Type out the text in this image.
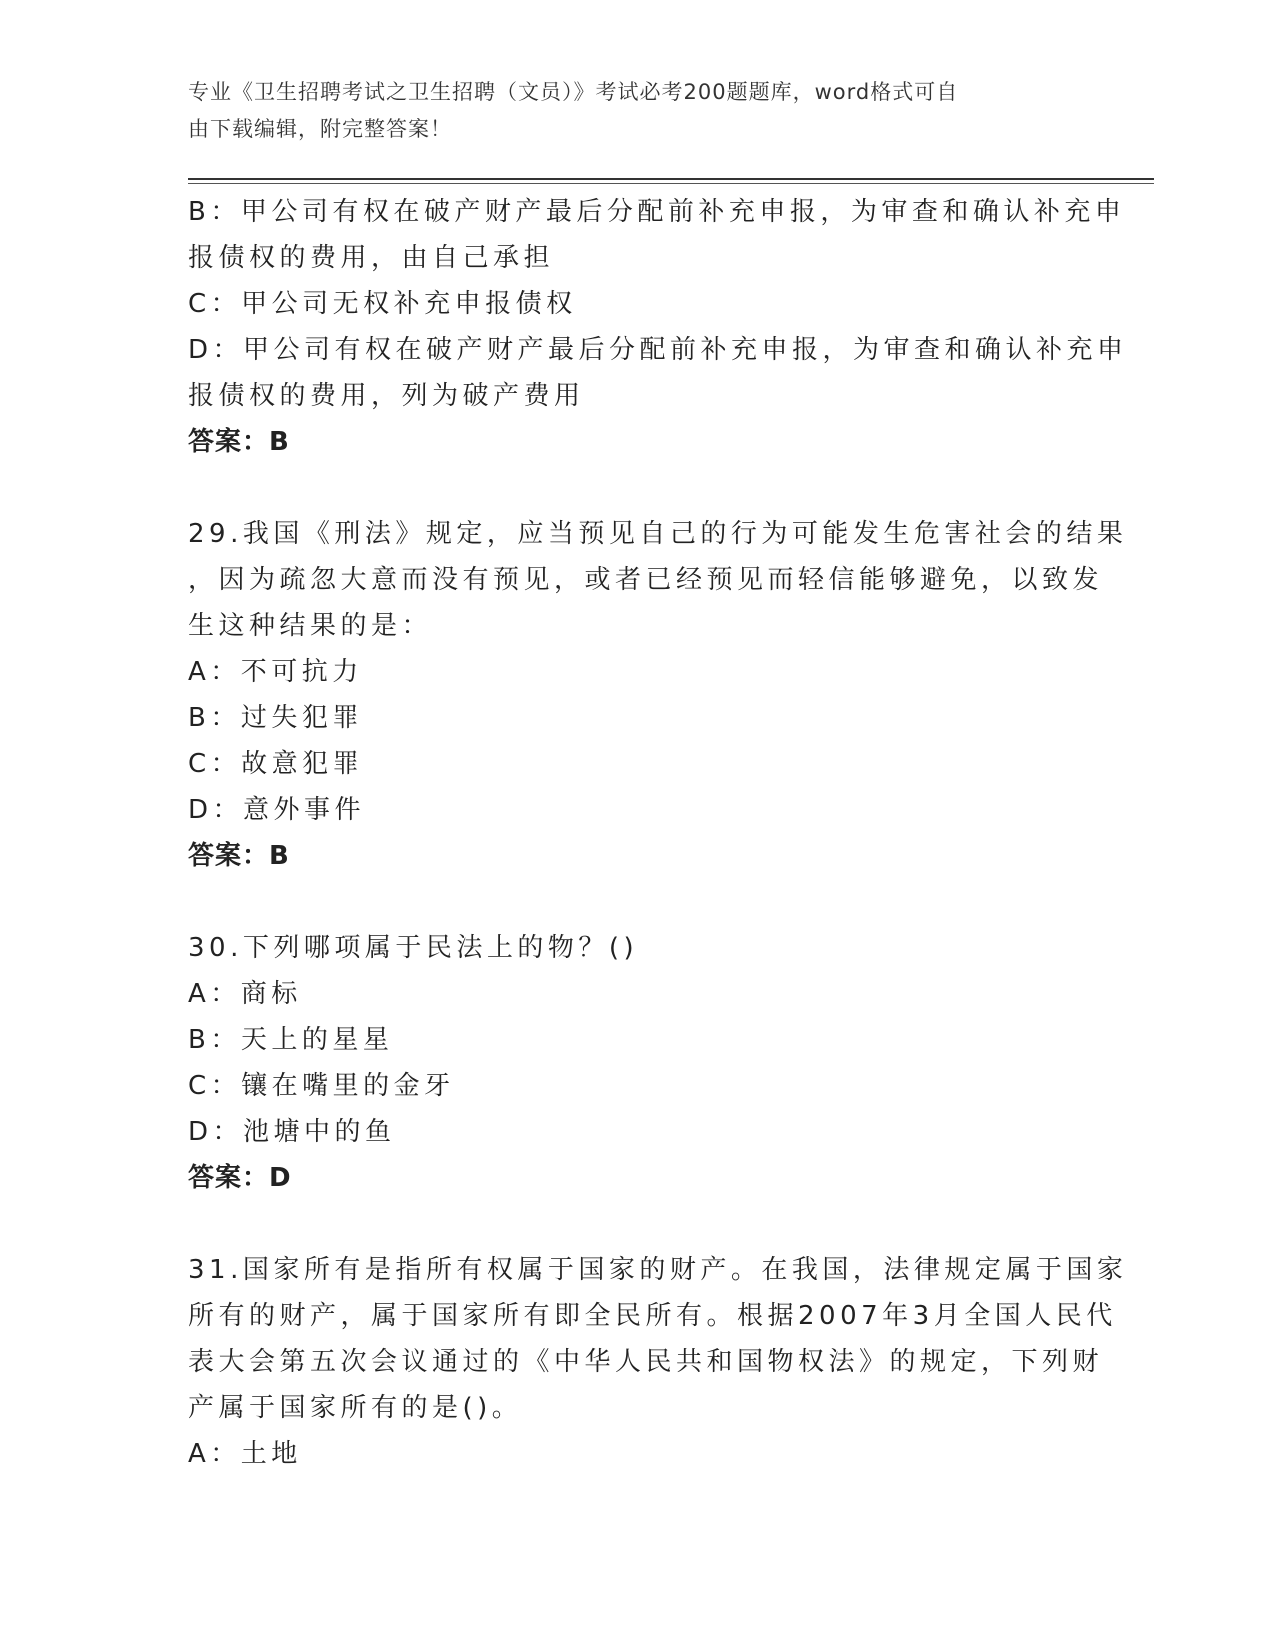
专业《卫生招聘考试之卫生招聘（文员）》考试必考200题题库，word格式可自
由下载编辑，附完整答案！
B：甲公司有权在破产财产最后分配前补充申报，为审查和确认补充申
报债权的费用，由自己承担
C：甲公司无权补充申报债权
D：甲公司有权在破产财产最后分配前补充申报，为审查和确认补充申
报债权的费用，列为破产费用
答案：B
29.我国《刑法》规定，应当预见自己的行为可能发生危害社会的结果
，因为疏忽大意而没有预见，或者已经预见而轻信能够避免，以致发
生这种结果的是：
A：不可抗力
B：过失犯罪
C：故意犯罪
D：意外事件
答案：B
30.下列哪项属于民法上的物？()
A：商标
B：天上的星星
C：镶在嘴里的金牙
D：池塘中的鱼
答案：D
31.国家所有是指所有权属于国家的财产。在我国，法律规定属于国家
所有的财产，属于国家所有即全民所有。根据2007年3月全国人民代
表大会第五次会议通过的《中华人民共和国物权法》的规定，下列财
产属于国家所有的是()。
A：土地
